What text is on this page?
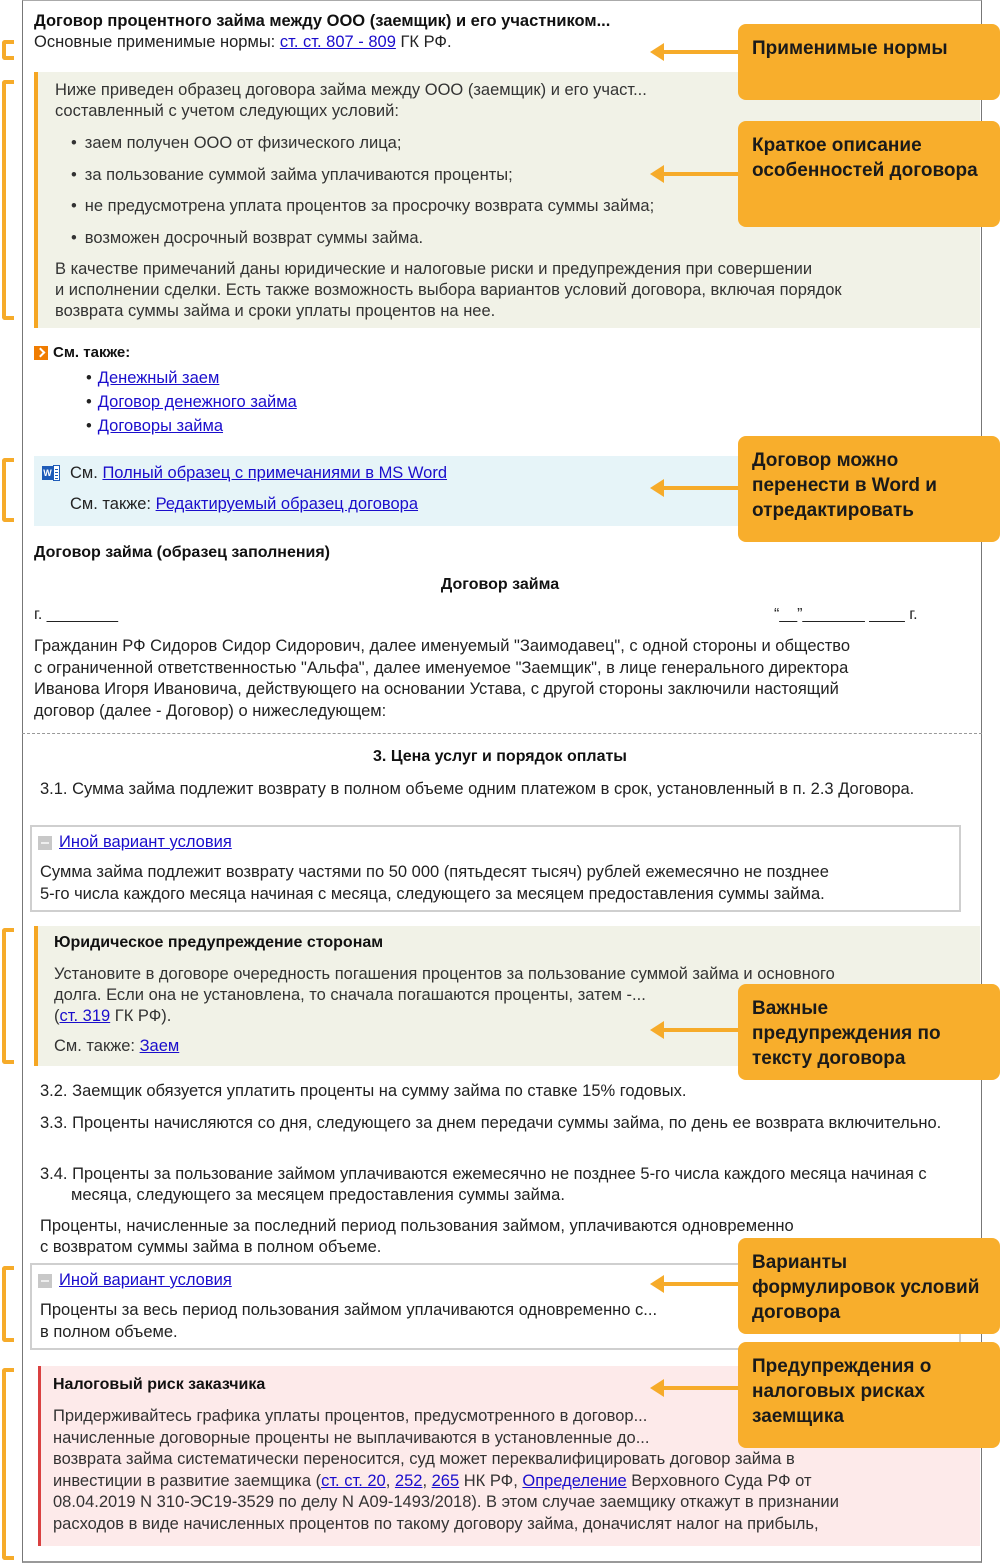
Договор процентного займа между ООО (заемщик) и его участником...
Основные применимые нормы: ст. ст. 807 - 809 ГК РФ.
Ниже приведен образец договора займа между ООО (заемщик) и его участ...
составленный с учетом следующих условий:
• заем получен ООО от физического лица;
• за пользование суммой займа уплачиваются проценты;
• не предусмотрена уплата процентов за просрочку возврата суммы займа;
• возможен досрочный возврат суммы займа.
В качестве примечаний даны юридические и налоговые риски и предупреждения при совершении
и исполнении сделки. Есть также возможность выбора вариантов условий договора, включая порядок
возврата суммы займа и сроки уплаты процентов на нее.
См. также:
• Денежный заем
• Договор денежного займа
• Договоры займа
W См. Полный образец с примечаниями в MS Word
См. также: Редактируемый образец договора
Договор займа (образец заполнения)
Договор займа
г. ________	“__”_______ ____ г.
Гражданин РФ Сидоров Сидор Сидорович, далее именуемый "Заимодавец", с одной стороны и общество
с ограниченной ответственностью "Альфа", далее именуемое "Заемщик", в лице генерального директора
Иванова Игоря Ивановича, действующего на основании Устава, с другой стороны заключили настоящий
договор (далее - Договор) о нижеследующем:
3. Цена услуг и порядок оплаты
3.1. Сумма займа подлежит возврату в полном объеме одним платежом в срок, установленный в п. 2.3 Договора.
Иной вариант условия
Сумма займа подлежит возврату частями по 50 000 (пятьдесят тысяч) рублей ежемесячно не позднее
5-го числа каждого месяца начиная с месяца, следующего за месяцем предоставления суммы займа.
Юридическое предупреждение сторонам
Установите в договоре очередность погашения процентов за пользование суммой займа и основного
долга. Если она не установлена, то сначала погашаются проценты, затем -...
(ст. 319 ГК РФ).
См. также: Заем
3.2. Заемщик обязуется уплатить проценты на сумму займа по ставке 15% годовых.
3.3. Проценты начисляются со дня, следующего за днем передачи суммы займа, по день ее возврата включительно.
3.4. Проценты за пользование займом уплачиваются ежемесячно не позднее 5-го числа каждого месяца начиная с месяца, следующего за месяцем предоставления суммы займа.
Проценты, начисленные за последний период пользования займом, уплачиваются одновременно
с возвратом суммы займа в полном объеме.
Иной вариант условия
Проценты за весь период пользования займом уплачиваются одновременно с...
в полном объеме.
Налоговый риск заказчика
Придерживайтесь графика уплаты процентов, предусмотренного в договор...
начисленные договорные проценты не выплачиваются в установленные до...
возврата займа систематически переносится, суд может переквалифицировать договор займа в
инвестиции в развитие заемщика (ст. ст. 20, 252, 265 НК РФ, Определение Верховного Суда РФ от
08.04.2019 N 310-ЭС19-3529 по делу N А09-1493/2018). В этом случае заемщику откажут в признании
расходов в виде начисленных процентов по такому договору займа, доначислят налог на прибыль,
Применимые нормы
Краткое описание особенностей договора
Договор можно перенести в Word и отредактировать
Важные предупреждения по тексту договора
Варианты формулировок условий договора
Предупреждения о налоговых рисках заемщика
